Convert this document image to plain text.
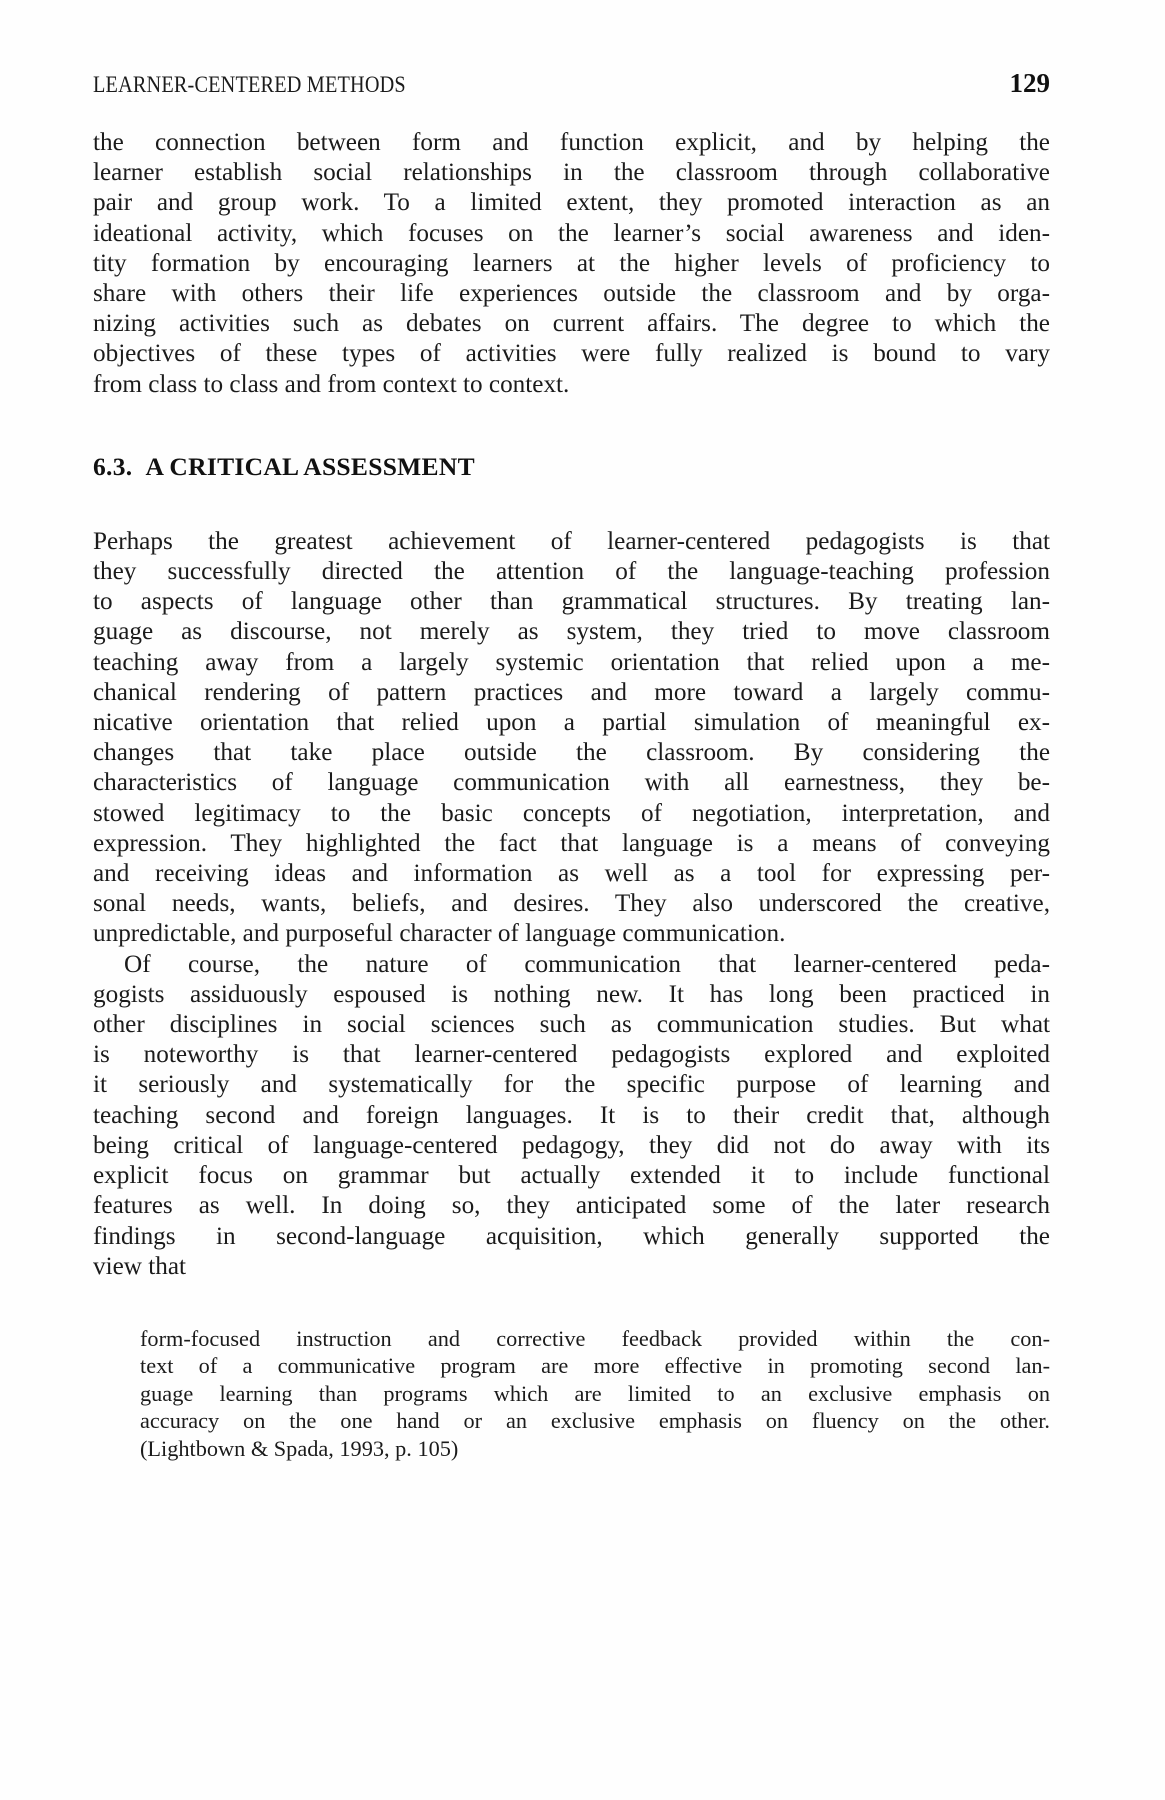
LEARNER-CENTERED METHODS	129
the connection between form and function explicit, and by helping the
learner establish social relationships in the classroom through collaborative
pair and group work. To a limited extent, they promoted interaction as an
ideational activity, which focuses on the learner’s social awareness and iden-
tity formation by encouraging learners at the higher levels of proficiency to
share with others their life experiences outside the classroom and by orga-
nizing activities such as debates on current affairs. The degree to which the
objectives of these types of activities were fully realized is bound to vary
from class to class and from context to context.
6.3. A CRITICAL ASSESSMENT
Perhaps the greatest achievement of learner-centered pedagogists is that
they successfully directed the attention of the language-teaching profession
to aspects of language other than grammatical structures. By treating lan-
guage as discourse, not merely as system, they tried to move classroom
teaching away from a largely systemic orientation that relied upon a me-
chanical rendering of pattern practices and more toward a largely commu-
nicative orientation that relied upon a partial simulation of meaningful ex-
changes that take place outside the classroom. By considering the
characteristics of language communication with all earnestness, they be-
stowed legitimacy to the basic concepts of negotiation, interpretation, and
expression. They highlighted the fact that language is a means of conveying
and receiving ideas and information as well as a tool for expressing per-
sonal needs, wants, beliefs, and desires. They also underscored the creative,
unpredictable, and purposeful character of language communication.
Of course, the nature of communication that learner-centered peda-
gogists assiduously espoused is nothing new. It has long been practiced in
other disciplines in social sciences such as communication studies. But what
is noteworthy is that learner-centered pedagogists explored and exploited
it seriously and systematically for the specific purpose of learning and
teaching second and foreign languages. It is to their credit that, although
being critical of language-centered pedagogy, they did not do away with its
explicit focus on grammar but actually extended it to include functional
features as well. In doing so, they anticipated some of the later research
findings in second-language acquisition, which generally supported the
view that
form-focused instruction and corrective feedback provided within the con-
text of a communicative program are more effective in promoting second lan-
guage learning than programs which are limited to an exclusive emphasis on
accuracy on the one hand or an exclusive emphasis on fluency on the other.
(Lightbown & Spada, 1993, p. 105)
